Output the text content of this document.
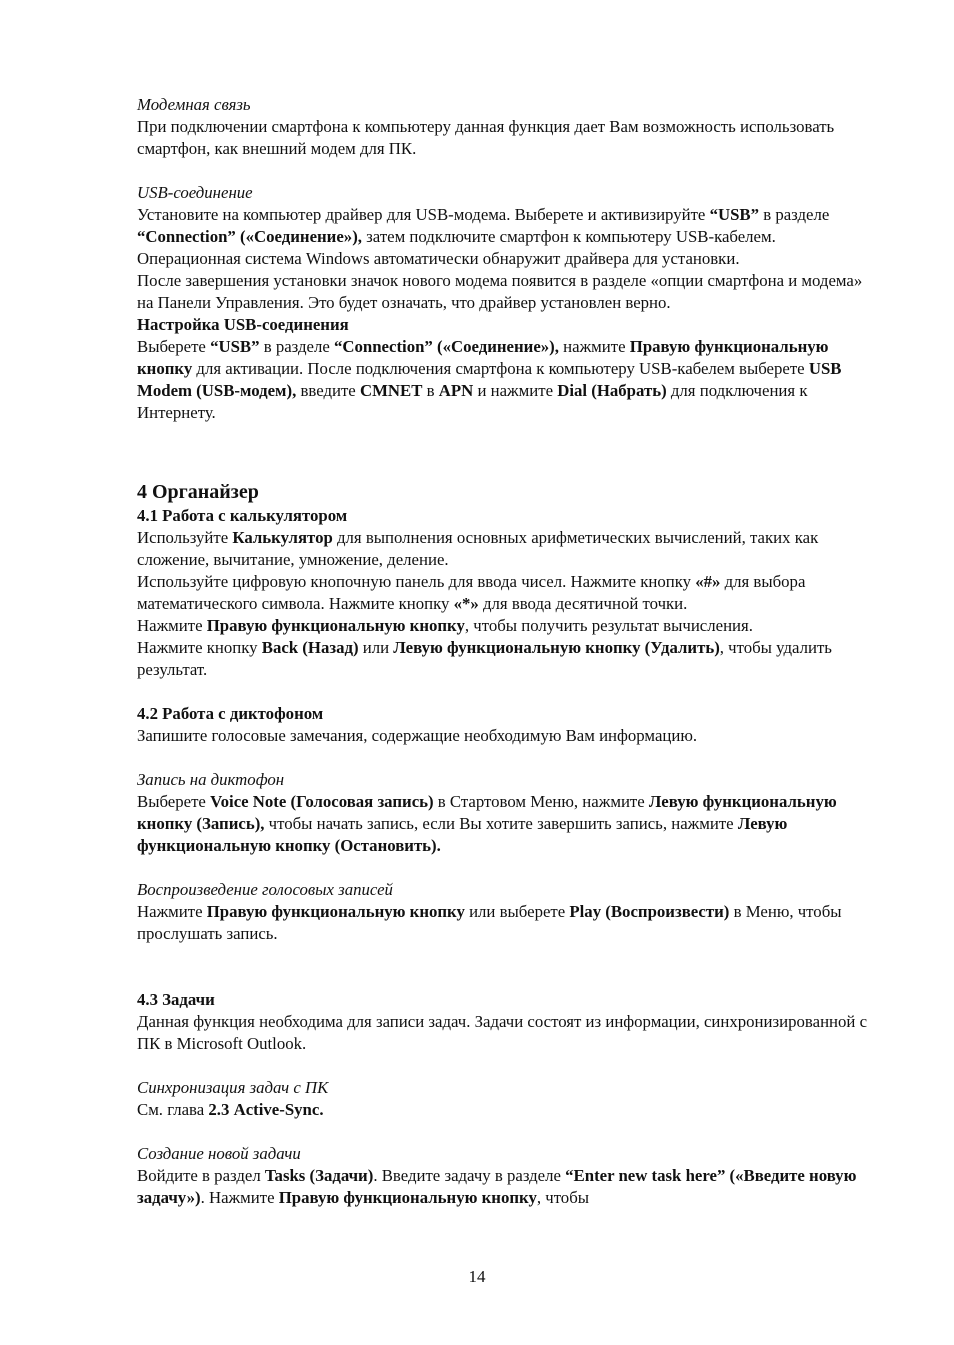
Модемная связь

При подключении смартфона к компьютеру данная функция дает Вам возможность использовать смартфон, как внешний модем для ПК.

USB-соединение

Установите на компьютер драйвер для USB-модема. Выберете и активизируйте “USB” в разделе “Connection” («Соединение»), затем подключите смартфон к компьютеру USB-кабелем. Операционная система Windows автоматически обнаружит драйвера для установки.

После завершения установки значок нового модема появится в разделе «опции смартфона и модема» на Панели Управления. Это будет означать, что драйвер установлен верно.

Настройка USB-соединения

Выберете “USB” в разделе “Connection” («Соединение»), нажмите Правую функциональную кнопку для активации. После подключения смартфона к компьютеру USB-кабелем выберете USB Modem (USB-модем), введите CMNET в APN и нажмите Dial (Набрать) для подключения к Интернету.

4 Органайзер

4.1 Работа с калькулятором

Используйте Калькулятор для выполнения основных арифметических вычислений, таких как сложение, вычитание, умножение, деление.

Используйте цифровую кнопочную панель для ввода чисел. Нажмите кнопку «#» для выбора математического символа. Нажмите кнопку «*» для ввода десятичной точки.

Нажмите Правую функциональную кнопку, чтобы получить результат вычисления.

Нажмите кнопку Back (Назад) или Левую функциональную кнопку (Удалить), чтобы удалить результат.

4.2 Работа с диктофоном

Запишите голосовые замечания, содержащие необходимую Вам информацию.

Запись на диктофон

Выберете Voice Note (Голосовая запись) в Стартовом Меню, нажмите Левую функциональную кнопку (Запись), чтобы начать запись, если Вы хотите завершить запись, нажмите Левую функциональную кнопку (Остановить).

Воспроизведение голосовых записей

Нажмите Правую функциональную кнопку или выберете Play (Воспроизвести) в Меню, чтобы прослушать запись.

4.3 Задачи

Данная функция необходима для записи задач. Задачи состоят из информации, синхронизированной с ПК в Microsoft Outlook.

Синхронизация задач с ПК

См. глава 2.3 Active-Sync.

Создание новой задачи

Войдите в раздел Tasks (Задачи). Введите задачу в разделе “Enter new task here” («Введите новую задачу»). Нажмите Правую функциональную кнопку, чтобы

14
